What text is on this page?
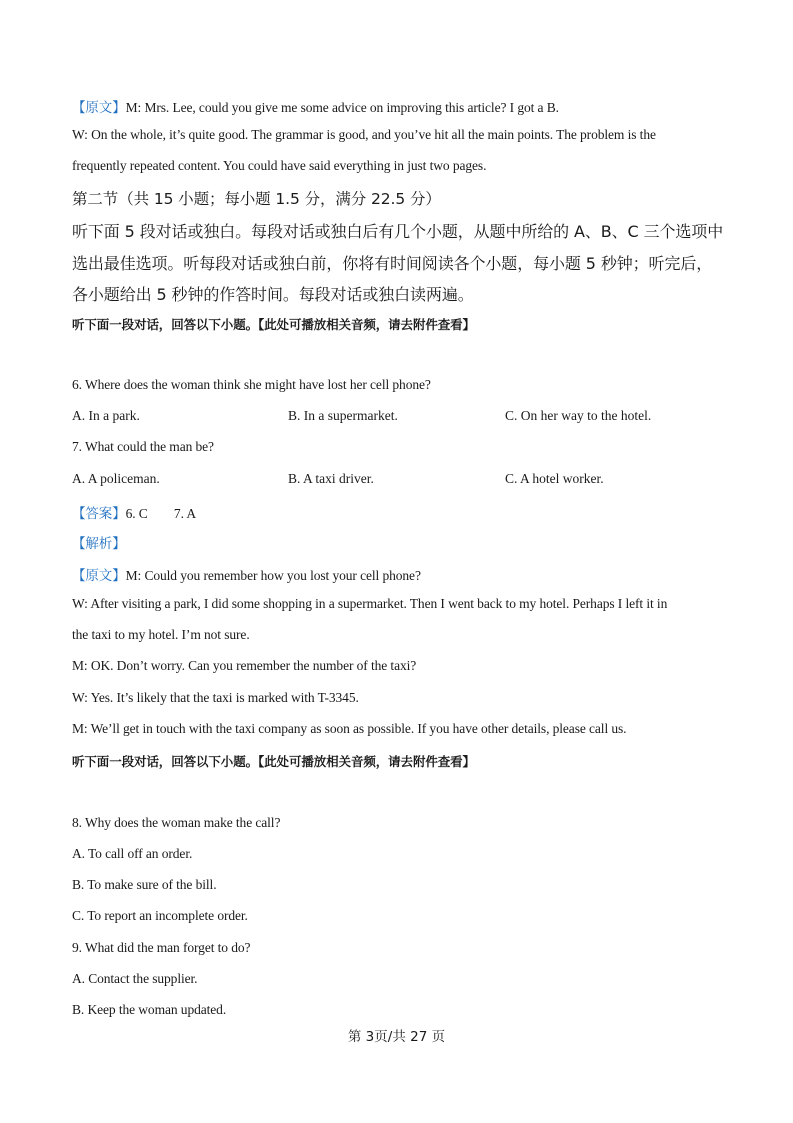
【原文】M: Mrs. Lee, could you give me some advice on improving this article? I got a B.
W: On the whole, it’s quite good. The grammar is good, and you’ve hit all the main points. The problem is the
frequently repeated content. You could have said everything in just two pages.
第二节（共 15 小题；每小题 1.5 分，满分 22.5 分）
听下面 5 段对话或独白。每段对话或独白后有几个小题，从题中所给的 A、B、C 三个选项中
选出最佳选项。听每段对话或独白前，你将有时间阅读各个小题，每小题 5 秒钟；听完后，
各小题给出 5 秒钟的作答时间。每段对话或独白读两遍。
听下面一段对话，回答以下小题。【此处可播放相关音频，请去附件查看】
6. Where does the woman think she might have lost her cell phone?
A. In a park.	B. In a supermarket.	C. On her way to the hotel.
7. What could the man be?
A. A policeman.	B. A taxi driver.	C. A hotel worker.
【答案】6. C        7. A
【解析】
【原文】M: Could you remember how you lost your cell phone?
W: After visiting a park, I did some shopping in a supermarket. Then I went back to my hotel. Perhaps I left it in
the taxi to my hotel. I’m not sure.
M: OK. Don’t worry. Can you remember the number of the taxi?
W: Yes. It’s likely that the taxi is marked with T-3345.
M: We’ll get in touch with the taxi company as soon as possible. If you have other details, please call us.
听下面一段对话，回答以下小题。【此处可播放相关音频，请去附件查看】
8. Why does the woman make the call?
A. To call off an order.
B. To make sure of the bill.
C. To report an incomplete order.
9. What did the man forget to do?
A. Contact the supplier.
B. Keep the woman updated.
第 3页/共 27 页
